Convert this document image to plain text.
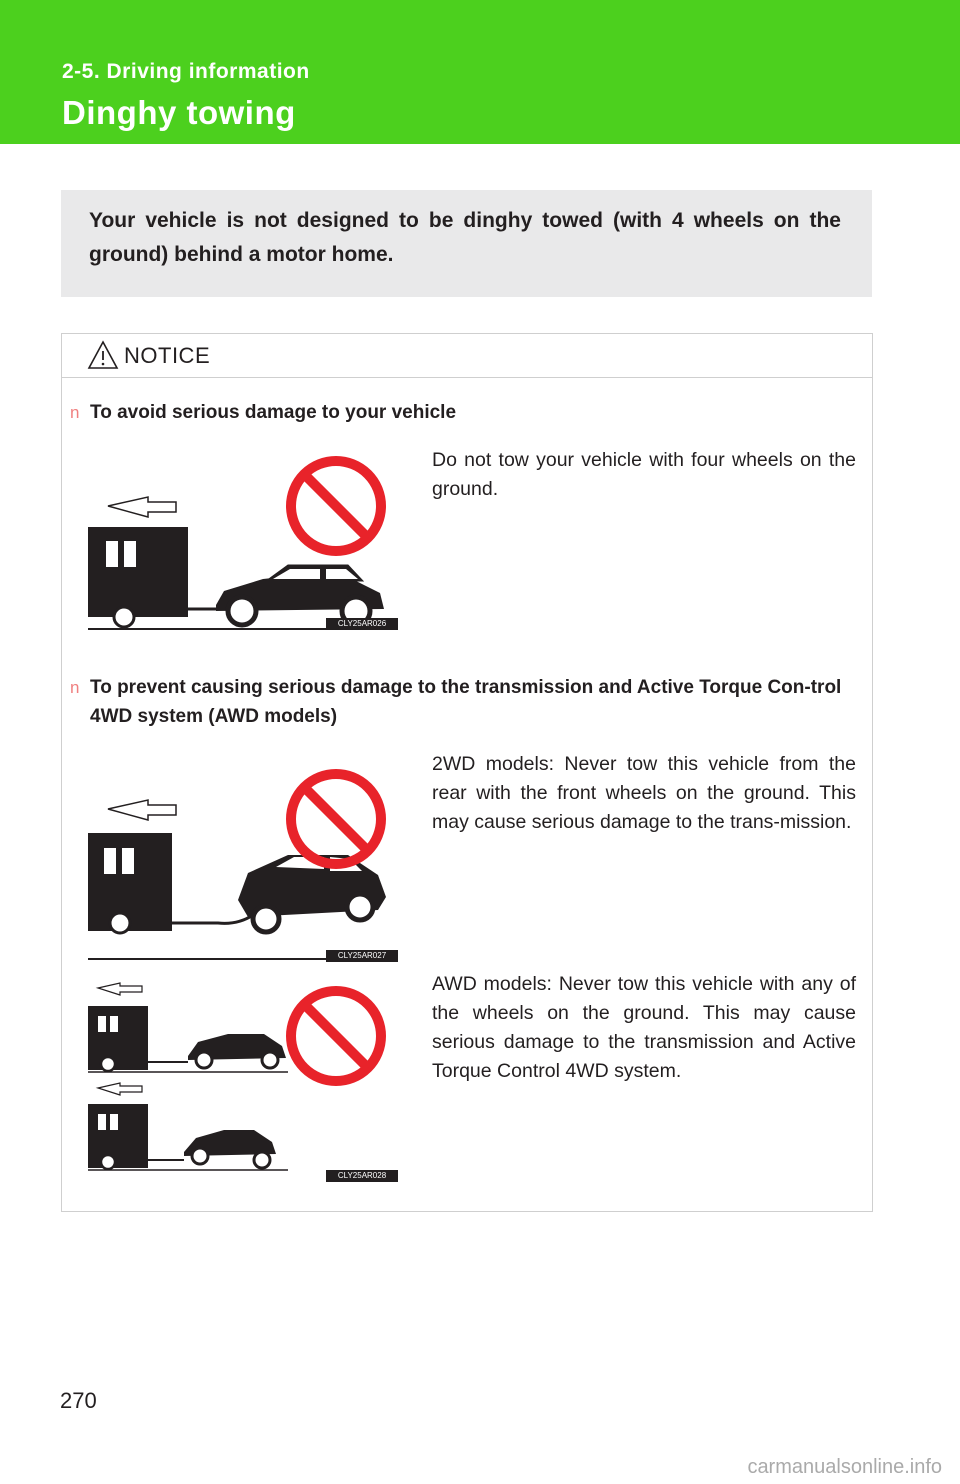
2-5. Driving information
Dinghy towing
Your vehicle is not designed to be dinghy towed (with 4 wheels on the ground) behind a motor home.
NOTICE
n To avoid serious damage to your vehicle
CLY25AR026
Do not tow your vehicle with four wheels on the ground.
n To prevent causing serious damage to the transmission and Active Torque Con-trol 4WD system (AWD models)
CLY25AR027
2WD models: Never tow this vehicle from the rear with the front wheels on the ground. This may cause serious damage to the trans-mission.
CLY25AR028
AWD models: Never tow this vehicle with any of the wheels on the ground. This may cause serious damage to the transmission and Active Torque Control 4WD system.
270
carmanualsonline.info
